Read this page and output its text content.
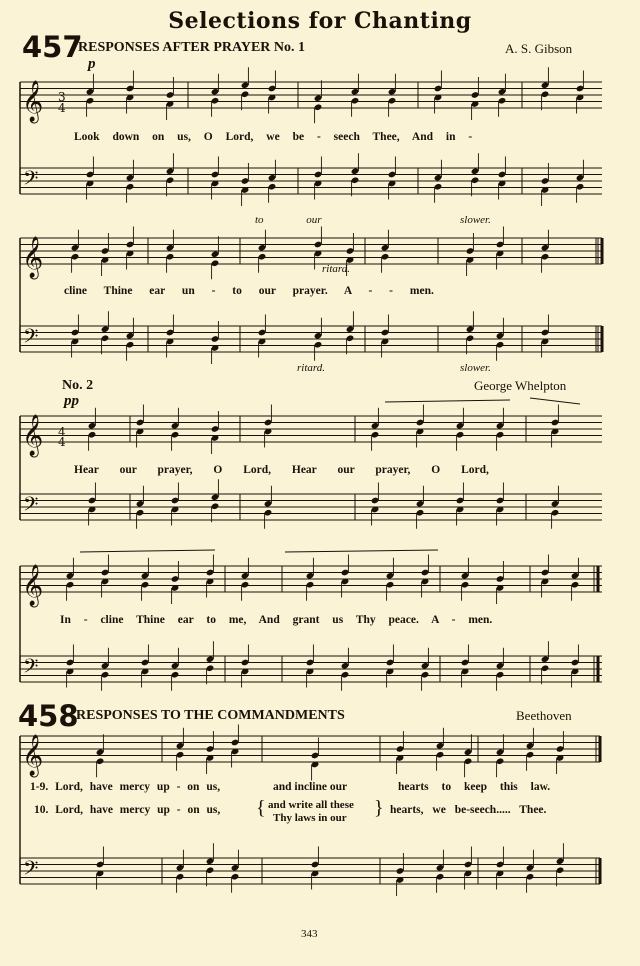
Selections for Chanting
457
RESPONSES AFTER PRAYER No. 1	A. S. Gibson
p
Look down on us, O Lord, we be - seech Thee, And in -
to our	slower.
ritard.
cline Thine ear un - to our prayer. A - - men.
ritard.	slower.
No. 2	George Whelpton
pp
Hear our prayer, O Lord, Hear our prayer, O Lord,
In - cline Thine ear to me, And grant us Thy peace. A - men.
458
RESPONSES TO THE COMMANDMENTS	Beethoven
1-9. Lord, have mercy up - on us,	and incline our	hearts to keep this law.
10. Lord, have mercy up - on us, { and write all these
Thy laws in our } hearts, we be-seech..... Thee.
343
𝄞
𝄢
3
4
𝄞
𝄢
𝄞
𝄢
4
4
𝄞
𝄢
𝄞
𝄢
